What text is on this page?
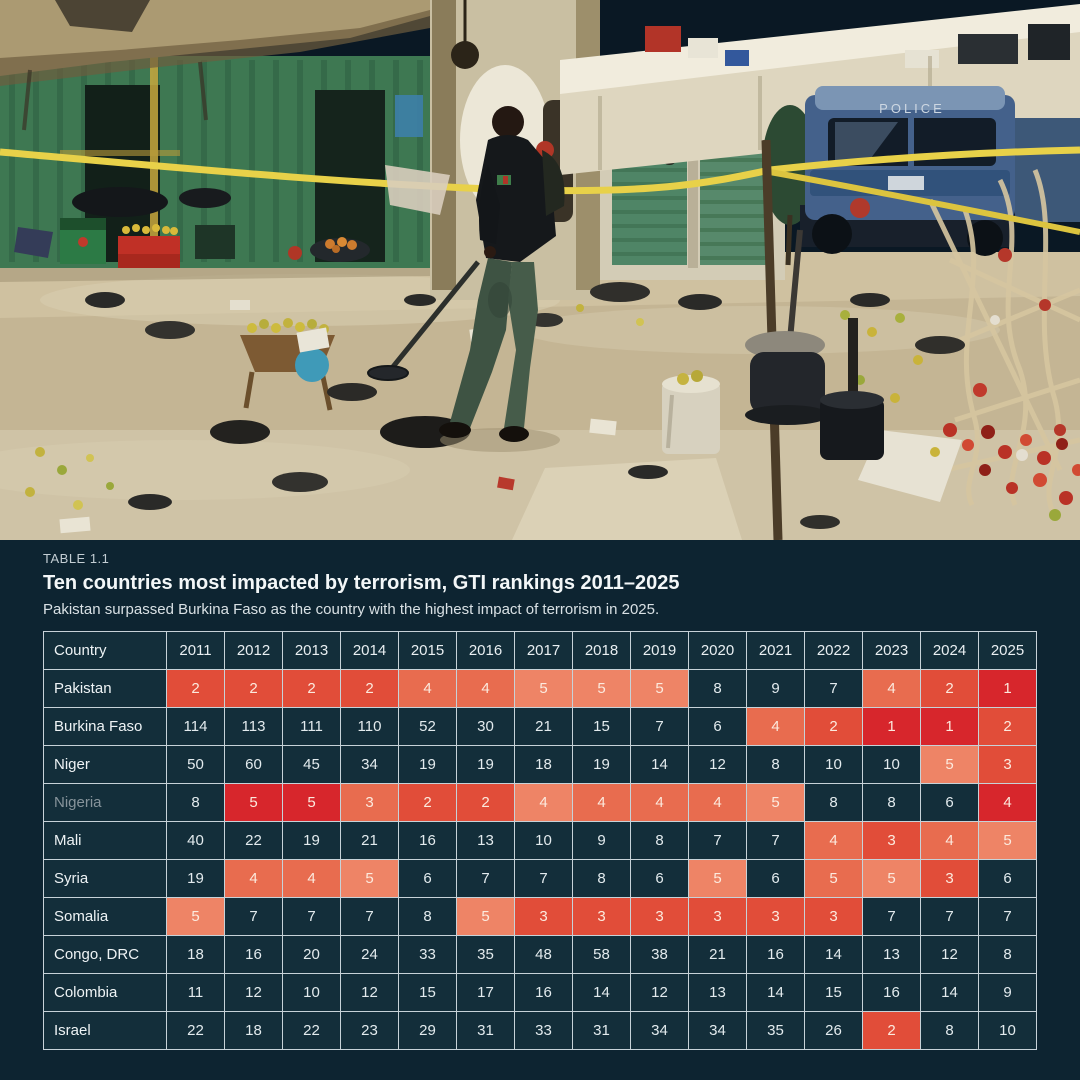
POLICE
TABLE 1.1
Ten countries most impacted by terrorism, GTI rankings 2011–2025
Pakistan surpassed Burkina Faso as the country with the highest impact of terrorism in 2025.
Country	2011	2012	2013	2014	2015	2016	2017	2018	2019	2020	2021	2022	2023	2024	2025
Pakistan	2	2	2	2	4	4	5	5	5	8	9	7	4	2	1
Burkina Faso	114	113	111	110	52	30	21	15	7	6	4	2	1	1	2
Niger	50	60	45	34	19	19	18	19	14	12	8	10	10	5	3
Nigeria	8	5	5	3	2	2	4	4	4	4	5	8	8	6	4
Mali	40	22	19	21	16	13	10	9	8	7	7	4	3	4	5
Syria	19	4	4	5	6	7	7	8	6	5	6	5	5	3	6
Somalia	5	7	7	7	8	5	3	3	3	3	3	3	7	7	7
Congo, DRC	18	16	20	24	33	35	48	58	38	21	16	14	13	12	8
Colombia	11	12	10	12	15	17	16	14	12	13	14	15	16	14	9
Israel	22	18	22	23	29	31	33	31	34	34	35	26	2	8	10
